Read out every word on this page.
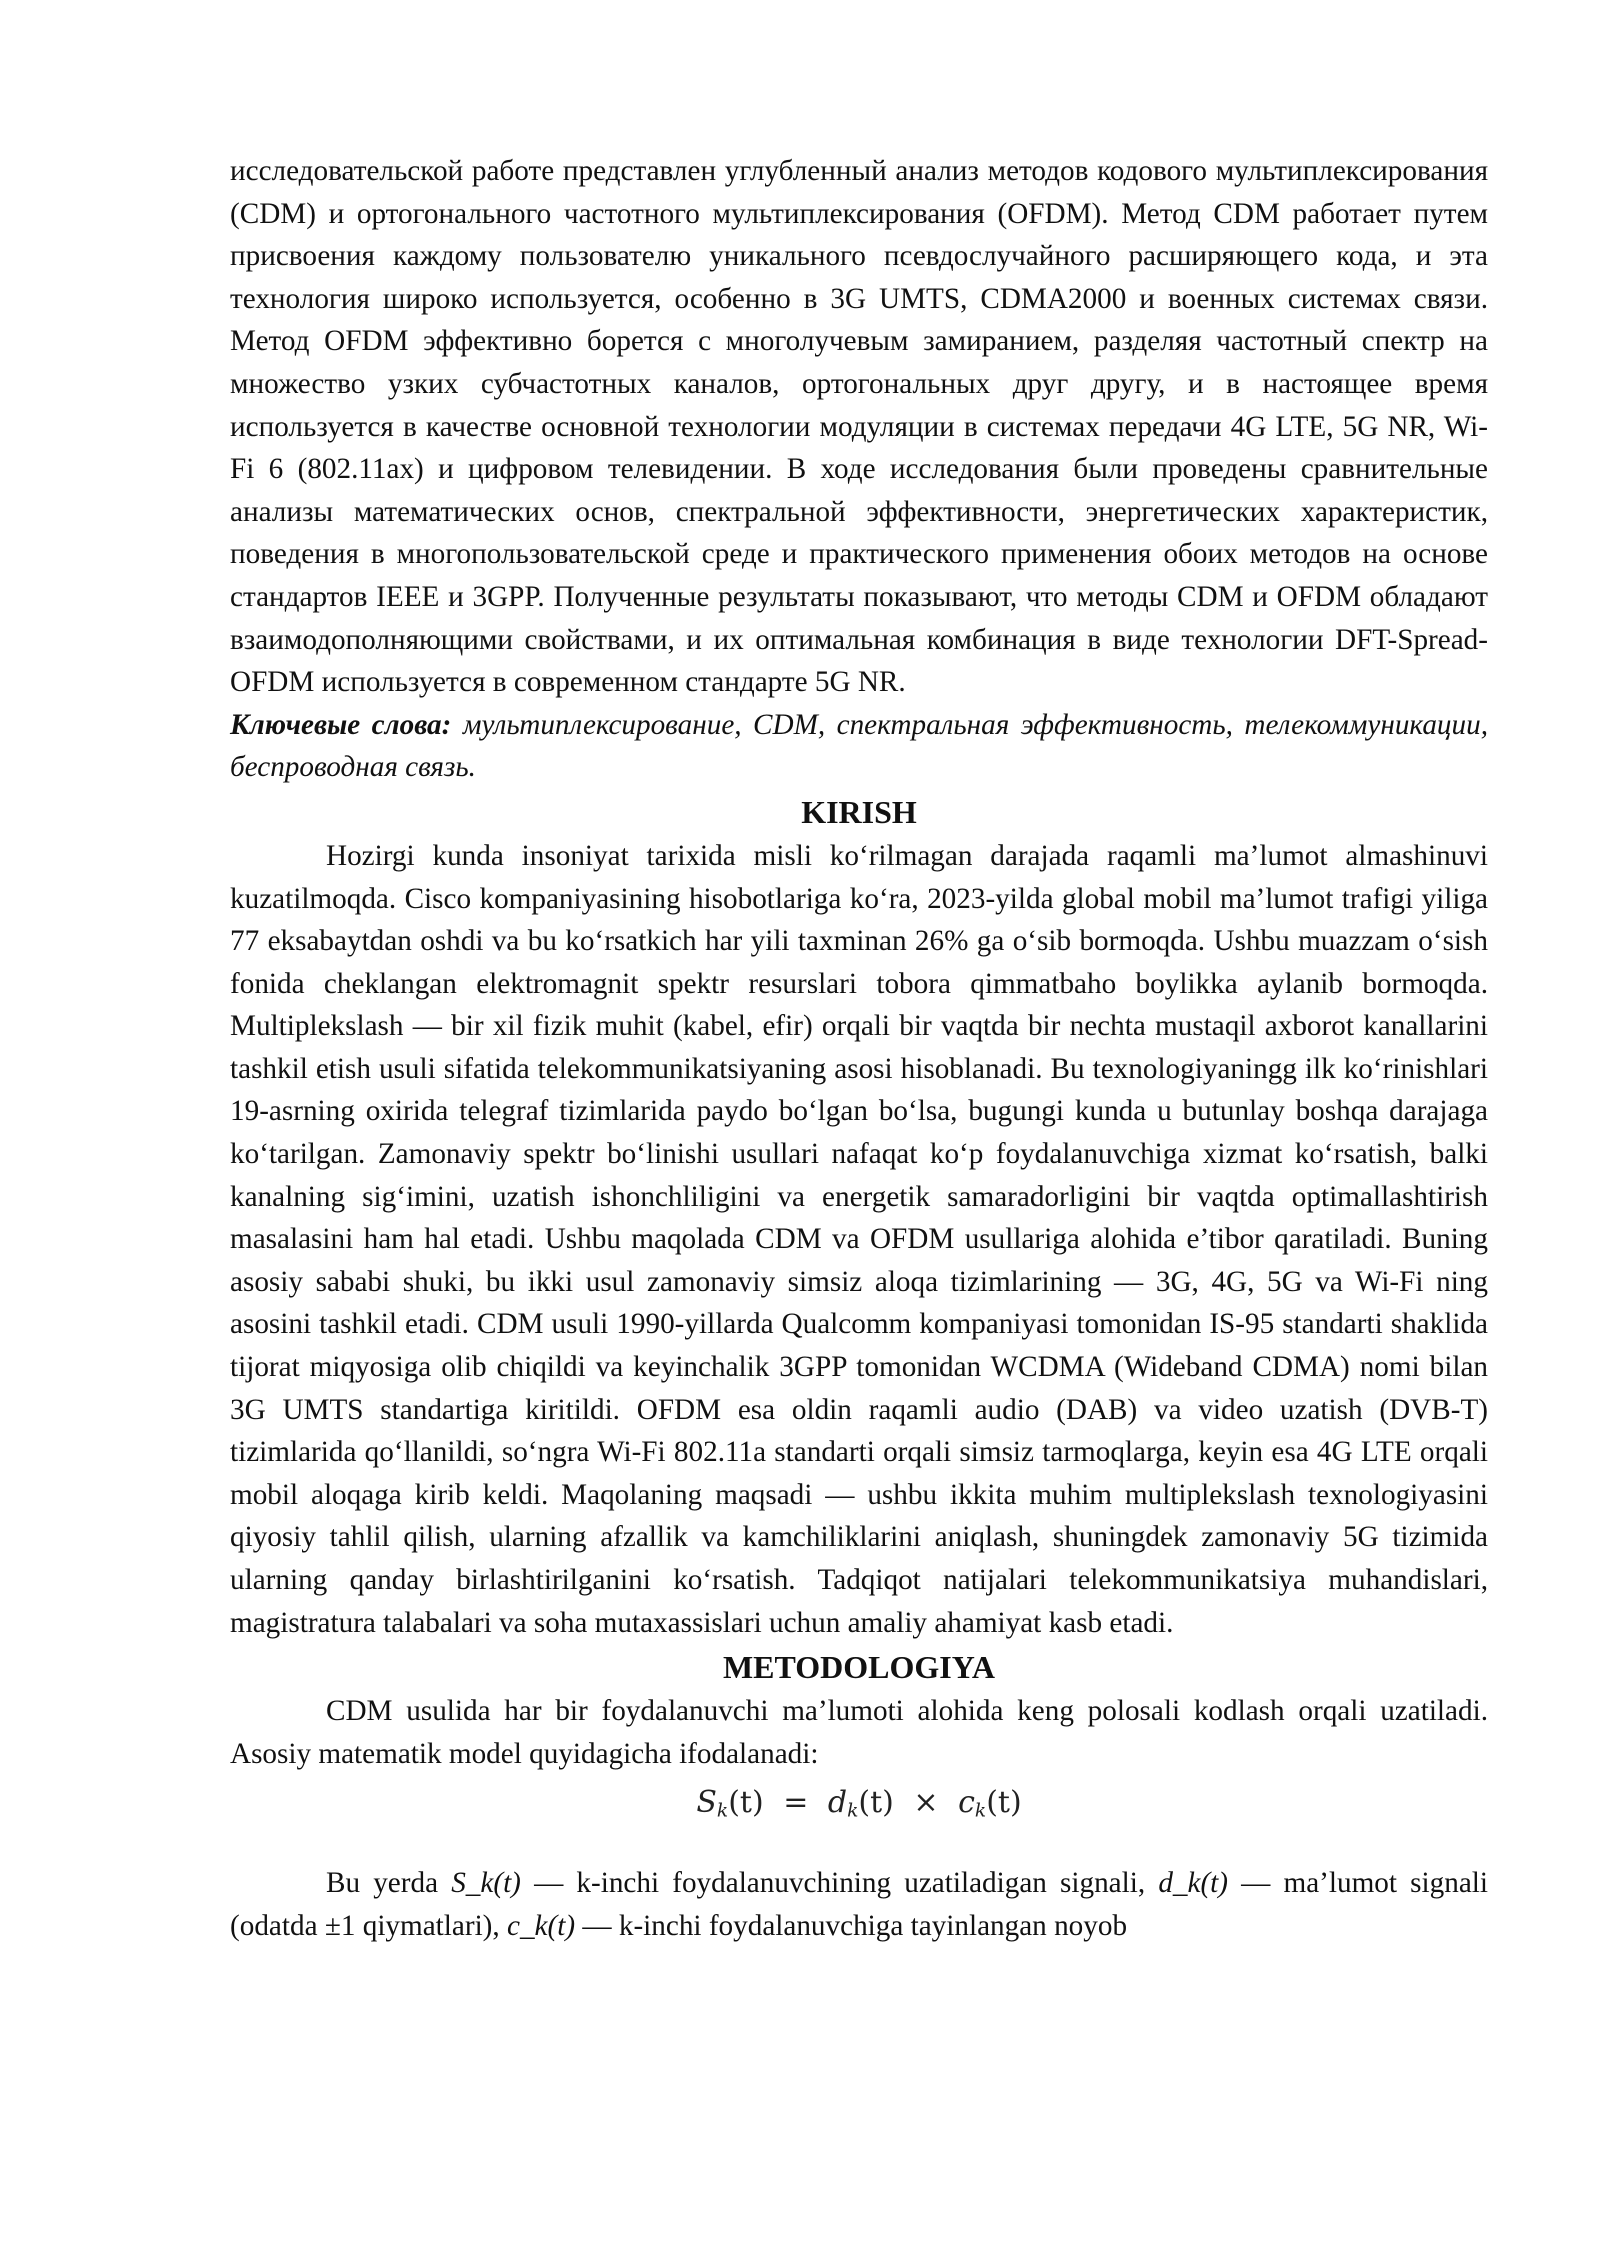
исследовательской работе представлен углубленный анализ методов кодового мультиплексирования (CDM) и ортогонального частотного мультиплексирования (OFDM). Метод CDM работает путем присвоения каждому пользователю уникального псевдослучайного расширяющего кода, и эта технология широко используется, особенно в 3G UMTS, CDMA2000 и военных системах связи. Метод OFDM эффективно борется с многолучевым замиранием, разделяя частотный спектр на множество узких субчастотных каналов, ортогональных друг другу, и в настоящее время используется в качестве основной технологии модуляции в системах передачи 4G LTE, 5G NR, Wi-Fi 6 (802.11ax) и цифровом телевидении. В ходе исследования были проведены сравнительные анализы математических основ, спектральной эффективности, энергетических характеристик, поведения в многопользовательской среде и практического применения обоих методов на основе стандартов IEEE и 3GPP. Полученные результаты показывают, что методы CDM и OFDM обладают взаимодополняющими свойствами, и их оптимальная комбинация в виде технологии DFT-Spread-OFDM используется в современном стандарте 5G NR.

Ключевые слова: мультиплексирование, CDM, спектральная эффективность, телекоммуникации, беспроводная связь.

KIRISH

Hozirgi kunda insoniyat tarixida misli ko‘rilmagan darajada raqamli ma’lumot almashinuvi kuzatilmoqda. Cisco kompaniyasining hisobotlariga ko‘ra, 2023-yilda global mobil ma’lumot trafigi yiliga 77 eksabaytdan oshdi va bu ko‘rsatkich har yili taxminan 26% ga o‘sib bormoqda. Ushbu muazzam o‘sish fonida cheklangan elektromagnit spektr resurslari tobora qimmatbaho boylikka aylanib bormoqda. Multiplekslash — bir xil fizik muhit (kabel, efir) orqali bir vaqtda bir nechta mustaqil axborot kanallarini tashkil etish usuli sifatida telekommunikatsiyaning asosi hisoblanadi. Bu texnologiyaningg ilk ko‘rinishlari 19-asrning oxirida telegraf tizimlarida paydo bo‘lgan bo‘lsa, bugungi kunda u butunlay boshqa darajaga ko‘tarilgan. Zamonaviy spektr bo‘linishi usullari nafaqat ko‘p foydalanuvchiga xizmat ko‘rsatish, balki kanalning sig‘imini, uzatish ishonchliligini va energetik samaradorligini bir vaqtda optimallashtirish masalasini ham hal etadi. Ushbu maqolada CDM va OFDM usullariga alohida e’tibor qaratiladi. Buning asosiy sababi shuki, bu ikki usul zamonaviy simsiz aloqa tizimlarining — 3G, 4G, 5G va Wi-Fi ning asosini tashkil etadi. CDM usuli 1990-yillarda Qualcomm kompaniyasi tomonidan IS-95 standarti shaklida tijorat miqyosiga olib chiqildi va keyinchalik 3GPP tomonidan WCDMA (Wideband CDMA) nomi bilan 3G UMTS standartiga kiritildi. OFDM esa oldin raqamli audio (DAB) va video uzatish (DVB-T) tizimlarida qo‘llanildi, so‘ngra Wi-Fi 802.11a standarti orqali simsiz tarmoqlarga, keyin esa 4G LTE orqali mobil aloqaga kirib keldi. Maqolaning maqsadi — ushbu ikkita muhim multiplekslash texnologiyasini qiyosiy tahlil qilish, ularning afzallik va kamchiliklarini aniqlash, shuningdek zamonaviy 5G tizimida ularning qanday birlashtirilganini ko‘rsatish. Tadqiqot natijalari telekommunikatsiya muhandislari, magistratura talabalari va soha mutaxassislari uchun amaliy ahamiyat kasb etadi.

METODOLOGIYA

CDM usulida har bir foydalanuvchi ma’lumoti alohida keng polosali kodlash orqali uzatiladi. Asosiy matematik model quyidagicha ifodalanadi:

$S_k(t) = d_k(t) \times c_k(t)$

Bu yerda S_k(t) — k-inchi foydalanuvchining uzatiladigan signali, d_k(t) — ma’lumot signali (odatda ±1 qiymatlari), c_k(t) — k-inchi foydalanuvchiga tayinlangan noyob
